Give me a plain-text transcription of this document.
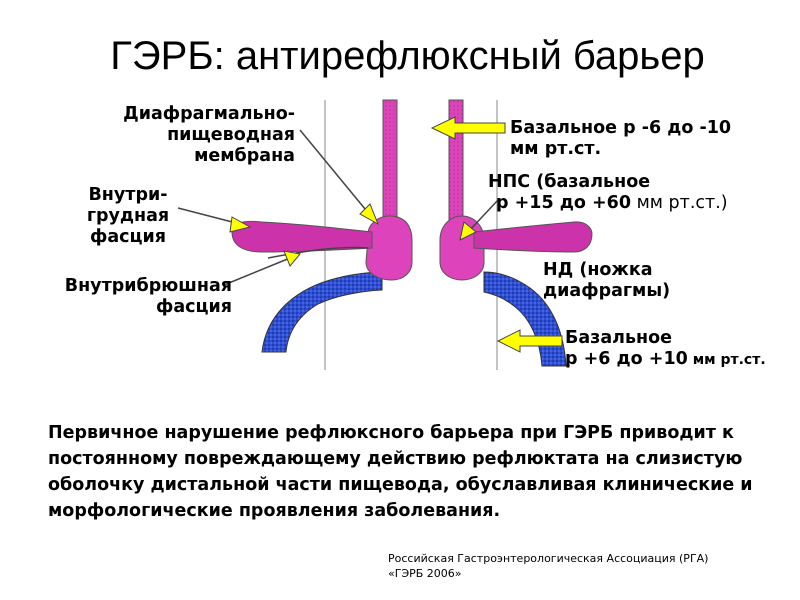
ГЭРБ: антирефлюксный барьер
Диафрагмально-
пищеводная
мембрана
Внутри-
грудная
фасция
Внутрибрюшная
фасция
Базальное р -6 до -10
мм рт.ст.
НПС (базальное
р +15 до +60 мм рт.ст.)
НД (ножка
диафрагмы)
Базальное
р +6 до +10 мм рт.ст.
Первичное нарушение рефлюксного барьера при ГЭРБ приводит к постоянному повреждающему действию рефлюктата на слизистую оболочку дистальной части пищевода, обуславливая клинические и морфологические проявления заболевания.
Российская Гастроэнтерологическая Ассоциация (РГА)
«ГЭРБ 2006»
